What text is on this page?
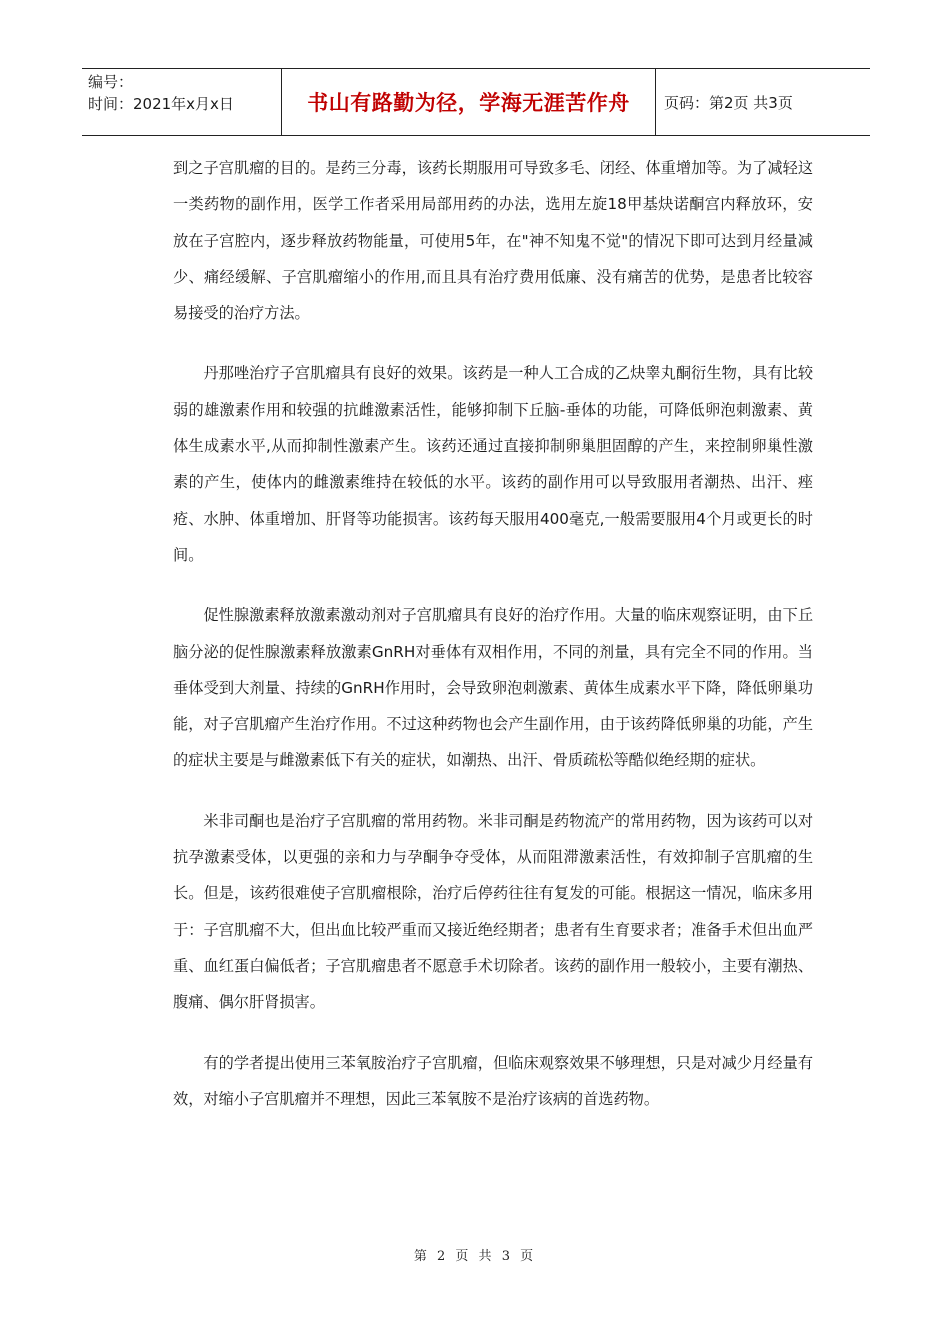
编号：
时间：2021年x月x日	书山有路勤为径，学海无涯苦作舟	页码：第2页 共3页

到之子宫肌瘤的目的。是药三分毒，该药长期服用可导致多毛、闭经、体重增加等。为了减轻这一类药物的副作用，医学工作者采用局部用药的办法，选用左旋18甲基炔诺酮宫内释放环，安放在子宫腔内，逐步释放药物能量，可使用5年，在"神不知鬼不觉"的情况下即可达到月经量减少、痛经缓解、子宫肌瘤缩小的作用,而且具有治疗费用低廉、没有痛苦的优势，是患者比较容易接受的治疗方法。

丹那唑治疗子宫肌瘤具有良好的效果。该药是一种人工合成的乙炔睾丸酮衍生物，具有比较弱的雄激素作用和较强的抗雌激素活性，能够抑制下丘脑-垂体的功能，可降低卵泡刺激素、黄体生成素水平,从而抑制性激素产生。该药还通过直接抑制卵巢胆固醇的产生，来控制卵巢性激素的产生，使体内的雌激素维持在较低的水平。该药的副作用可以导致服用者潮热、出汗、痤疮、水肿、体重增加、肝肾等功能损害。该药每天服用400毫克,一般需要服用4个月或更长的时间。

促性腺激素释放激素激动剂对子宫肌瘤具有良好的治疗作用。大量的临床观察证明，由下丘脑分泌的促性腺激素释放激素GnRH对垂体有双相作用，不同的剂量，具有完全不同的作用。当垂体受到大剂量、持续的GnRH作用时，会导致卵泡刺激素、黄体生成素水平下降，降低卵巢功能，对子宫肌瘤产生治疗作用。不过这种药物也会产生副作用，由于该药降低卵巢的功能，产生的症状主要是与雌激素低下有关的症状，如潮热、出汗、骨质疏松等酷似绝经期的症状。

米非司酮也是治疗子宫肌瘤的常用药物。米非司酮是药物流产的常用药物，因为该药可以对抗孕激素受体，以更强的亲和力与孕酮争夺受体，从而阻滞激素活性，有效抑制子宫肌瘤的生长。但是，该药很难使子宫肌瘤根除，治疗后停药往往有复发的可能。根据这一情况，临床多用于：子宫肌瘤不大，但出血比较严重而又接近绝经期者；患者有生育要求者；准备手术但出血严重、血红蛋白偏低者；子宫肌瘤患者不愿意手术切除者。该药的副作用一般较小，主要有潮热、腹痛、偶尔肝肾损害。

有的学者提出使用三苯氧胺治疗子宫肌瘤，但临床观察效果不够理想，只是对减少月经量有效，对缩小子宫肌瘤并不理想，因此三苯氧胺不是治疗该病的首选药物。

第 2 页 共 3 页
